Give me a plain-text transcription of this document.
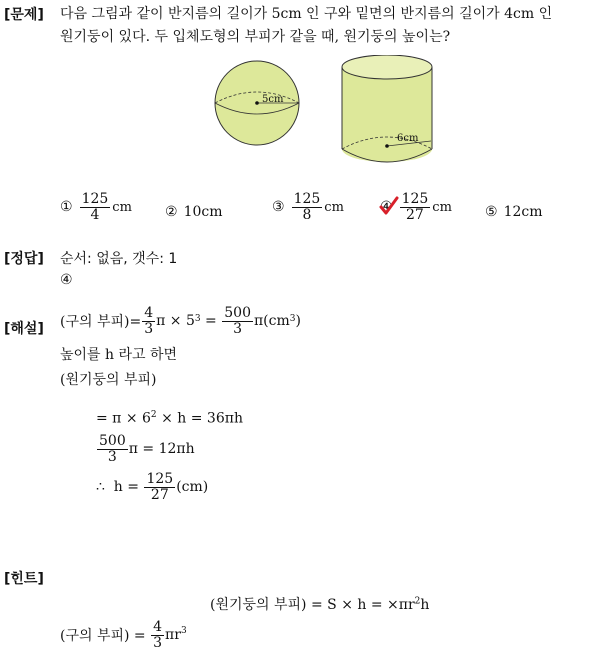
[문제] 다음 그림과 같이 반지름의 길이가 5cm 인 구와 밑면의 반지름의 길이가 4cm 인
원기둥이 있다. 두 입체도형의 부피가 같을 때, 원기둥의 높이는?
5cm
6cm
① $\frac{125}{4}$ cm ② 10cm	③ $\frac{125}{8}$ cm	④ $\frac{125}{27}$ cm ⑤ 12cm
[정답] 순서: 없음, 갯수: 1
④
[해설] (구의 부피)= $\frac{4}{3}$ π × 5 $3 = \frac{500}{3} \pi(cm$ 3 )
높이를 h 라고 하면
(원기둥의 부피)
= $\pi \times 6^2 \times h = 36\pi h$
$\frac{500}{3}$ π = 12πh
∴  $h = \frac{125}{27} (cm)$
[힌트]
(원기둥의 부피) = $S \times h = \times\pi r^2h$
(구의 부피) = $\frac{4}{3} \pi r^3$
